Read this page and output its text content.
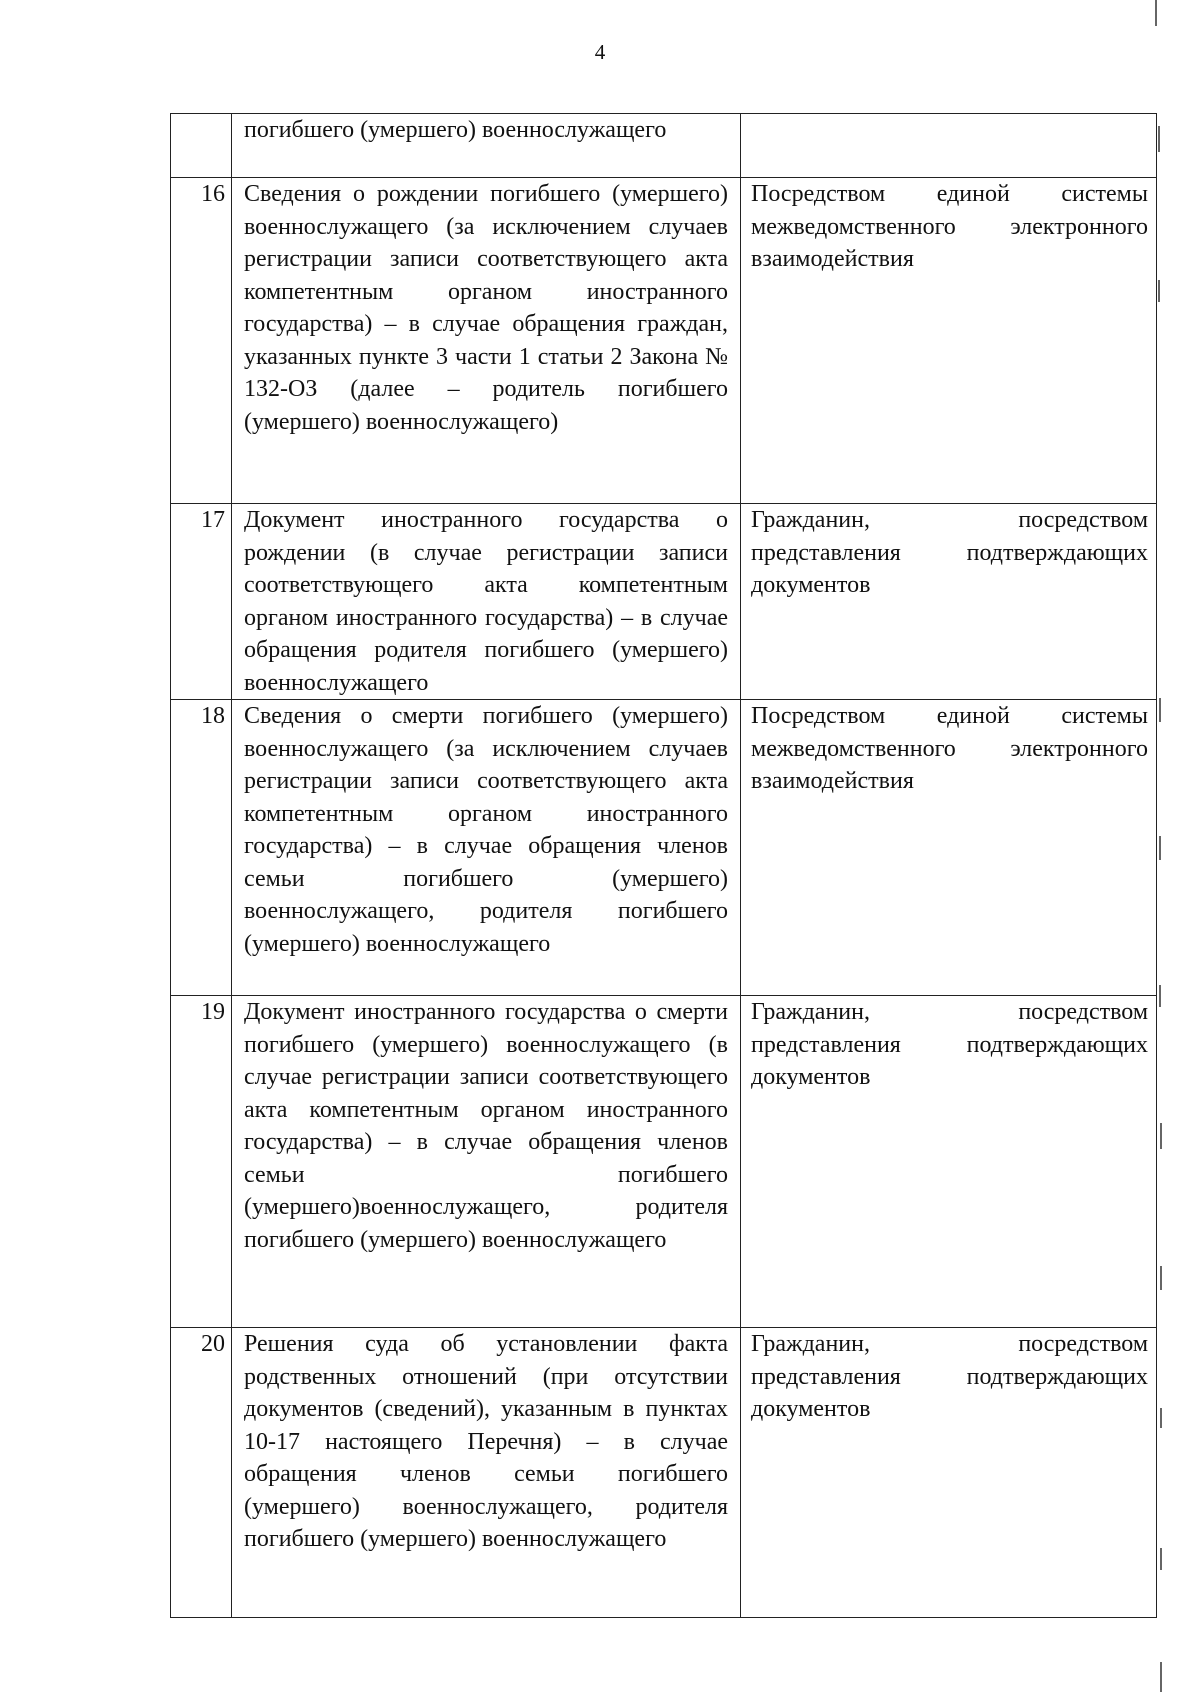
4

	погибшего (умершего) военнослужащего	

16	Сведения о рождении погибшего (умершего) военнослужащего (за исключением случаев регистрации записи соответствующего акта компетентным органом иностранного государства) – в случае обращения граждан, указанных пункте 3 части 1 статьи 2 Закона № 132-ОЗ (далее – родитель погибшего (умершего) военнослужащего)	Посредством единой системы межведомственного электронного взаимодействия

17	Документ иностранного государства о рождении (в случае регистрации записи соответствующего акта компетентным органом иностранного государства) – в случае обращения родителя погибшего (умершего) военнослужащего	Гражданин, посредством представления подтверждающих документов

18	Сведения о смерти погибшего (умершего) военнослужащего (за исключением случаев регистрации записи соответствующего акта компетентным органом иностранного государства) – в случае обращения членов семьи погибшего (умершего) военнослужащего, родителя погибшего (умершего) военнослужащего	Посредством единой системы межведомственного электронного взаимодействия

19	Документ иностранного государства о смерти погибшего (умершего) военнослужащего (в случае регистрации записи соответствующего акта компетентным органом иностранного государства) – в случае обращения членов семьи погибшего (умершего)военнослужащего, родителя погибшего (умершего) военнослужащего	Гражданин, посредством представления подтверждающих документов

20	Решения суда об установлении факта родственных отношений (при отсутствии документов (сведений), указанным в пунктах 10-17 настоящего Перечня) – в случае обращения членов семьи погибшего (умершего) военнослужащего, родителя погибшего (умершего) военнослужащего	Гражданин, посредством представления подтверждающих документов
